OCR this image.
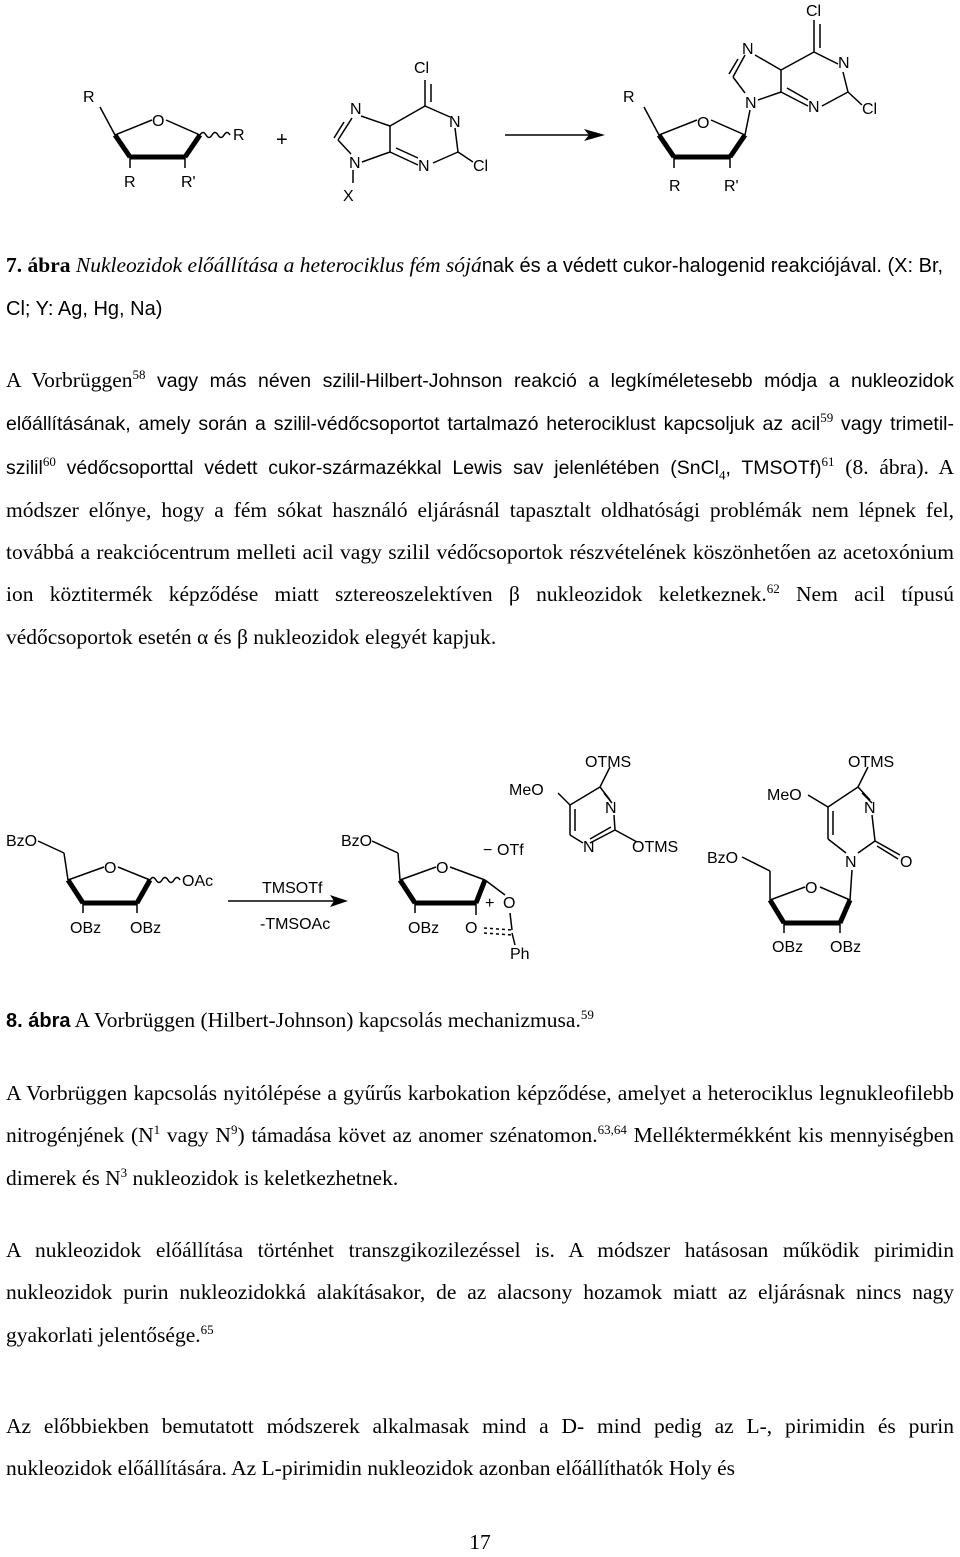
R
O
R	R'
R +
N
N
N	N
Cl
Cl
X
R
O
R	R'
N
N
N	N
Cl
Cl
7. ábra Nukleozidok előállítása a heterociklus fém sójának és a védett cukor-halogenid reakciójával. (X: Br, Cl; Y: Ag, Hg, Na)
A Vorbrüggen$^{58}$ vagy más néven szilil-Hilbert-Johnson reakció a legkíméletesebb módja a nukleozidok előállításának, amely során a szilil-védőcsoportot tartalmazó heterociklust kapcsoljuk az acil$^{59}$ vagy trimetil-szilil$^{60}$ védőcsoporttal védett cukor-származékkal Lewis sav jelenlétében (SnCl$_4$, TMSOTf)$^{61}$ (8. ábra). A módszer előnye, hogy a fém sókat használó eljárásnál tapasztalt oldhatósági problémák nem lépnek fel, továbbá a reakciócentrum melleti acil vagy szilil védőcsoportok részvételének köszönhetően az acetoxónium ion köztitermék képződése miatt sztereoszelektíven β nukleozidok keletkeznek.$^{62}$ Nem acil típusú védőcsoportok esetén α és β nukleozidok elegyét kapjuk.
BzO
O
OAc
OBz OBz
TMSOTf
-TMSOAc
BzO
O
− OTf
+ O
OBz O
Ph
MeO
OTMS
N
N OTMS
MeO
OTMS
N
N	O
BzO
O
OBz OBz
8. ábra A Vorbrüggen (Hilbert-Johnson) kapcsolás mechanizmusa.$^{59}$
A Vorbrüggen kapcsolás nyitólépése a gyűrűs karbokation képződése, amelyet a heterociklus legnukleofilebb nitrogénjének ($N^1$ vagy $N^9$) támadása követ az anomer szénatomon.$^{63,64}$ Melléktermékként kis mennyiségben dimerek és $N^3$ nukleozidok is keletkezhetnek.
A nukleozidok előállítása történhet transzgikozilezéssel is. A módszer hatásosan működik pirimidin nukleozidok purin nukleozidokká alakításakor, de az alacsony hozamok miatt az eljárásnak nincs nagy gyakorlati jelentősége.$^{65}$
Az előbbiekben bemutatott módszerek alkalmasak mind a D- mind pedig az L-, pirimidin és purin nukleozidok előállítására. Az L-pirimidin nukleozidok azonban előállíthatók Holy és
17
